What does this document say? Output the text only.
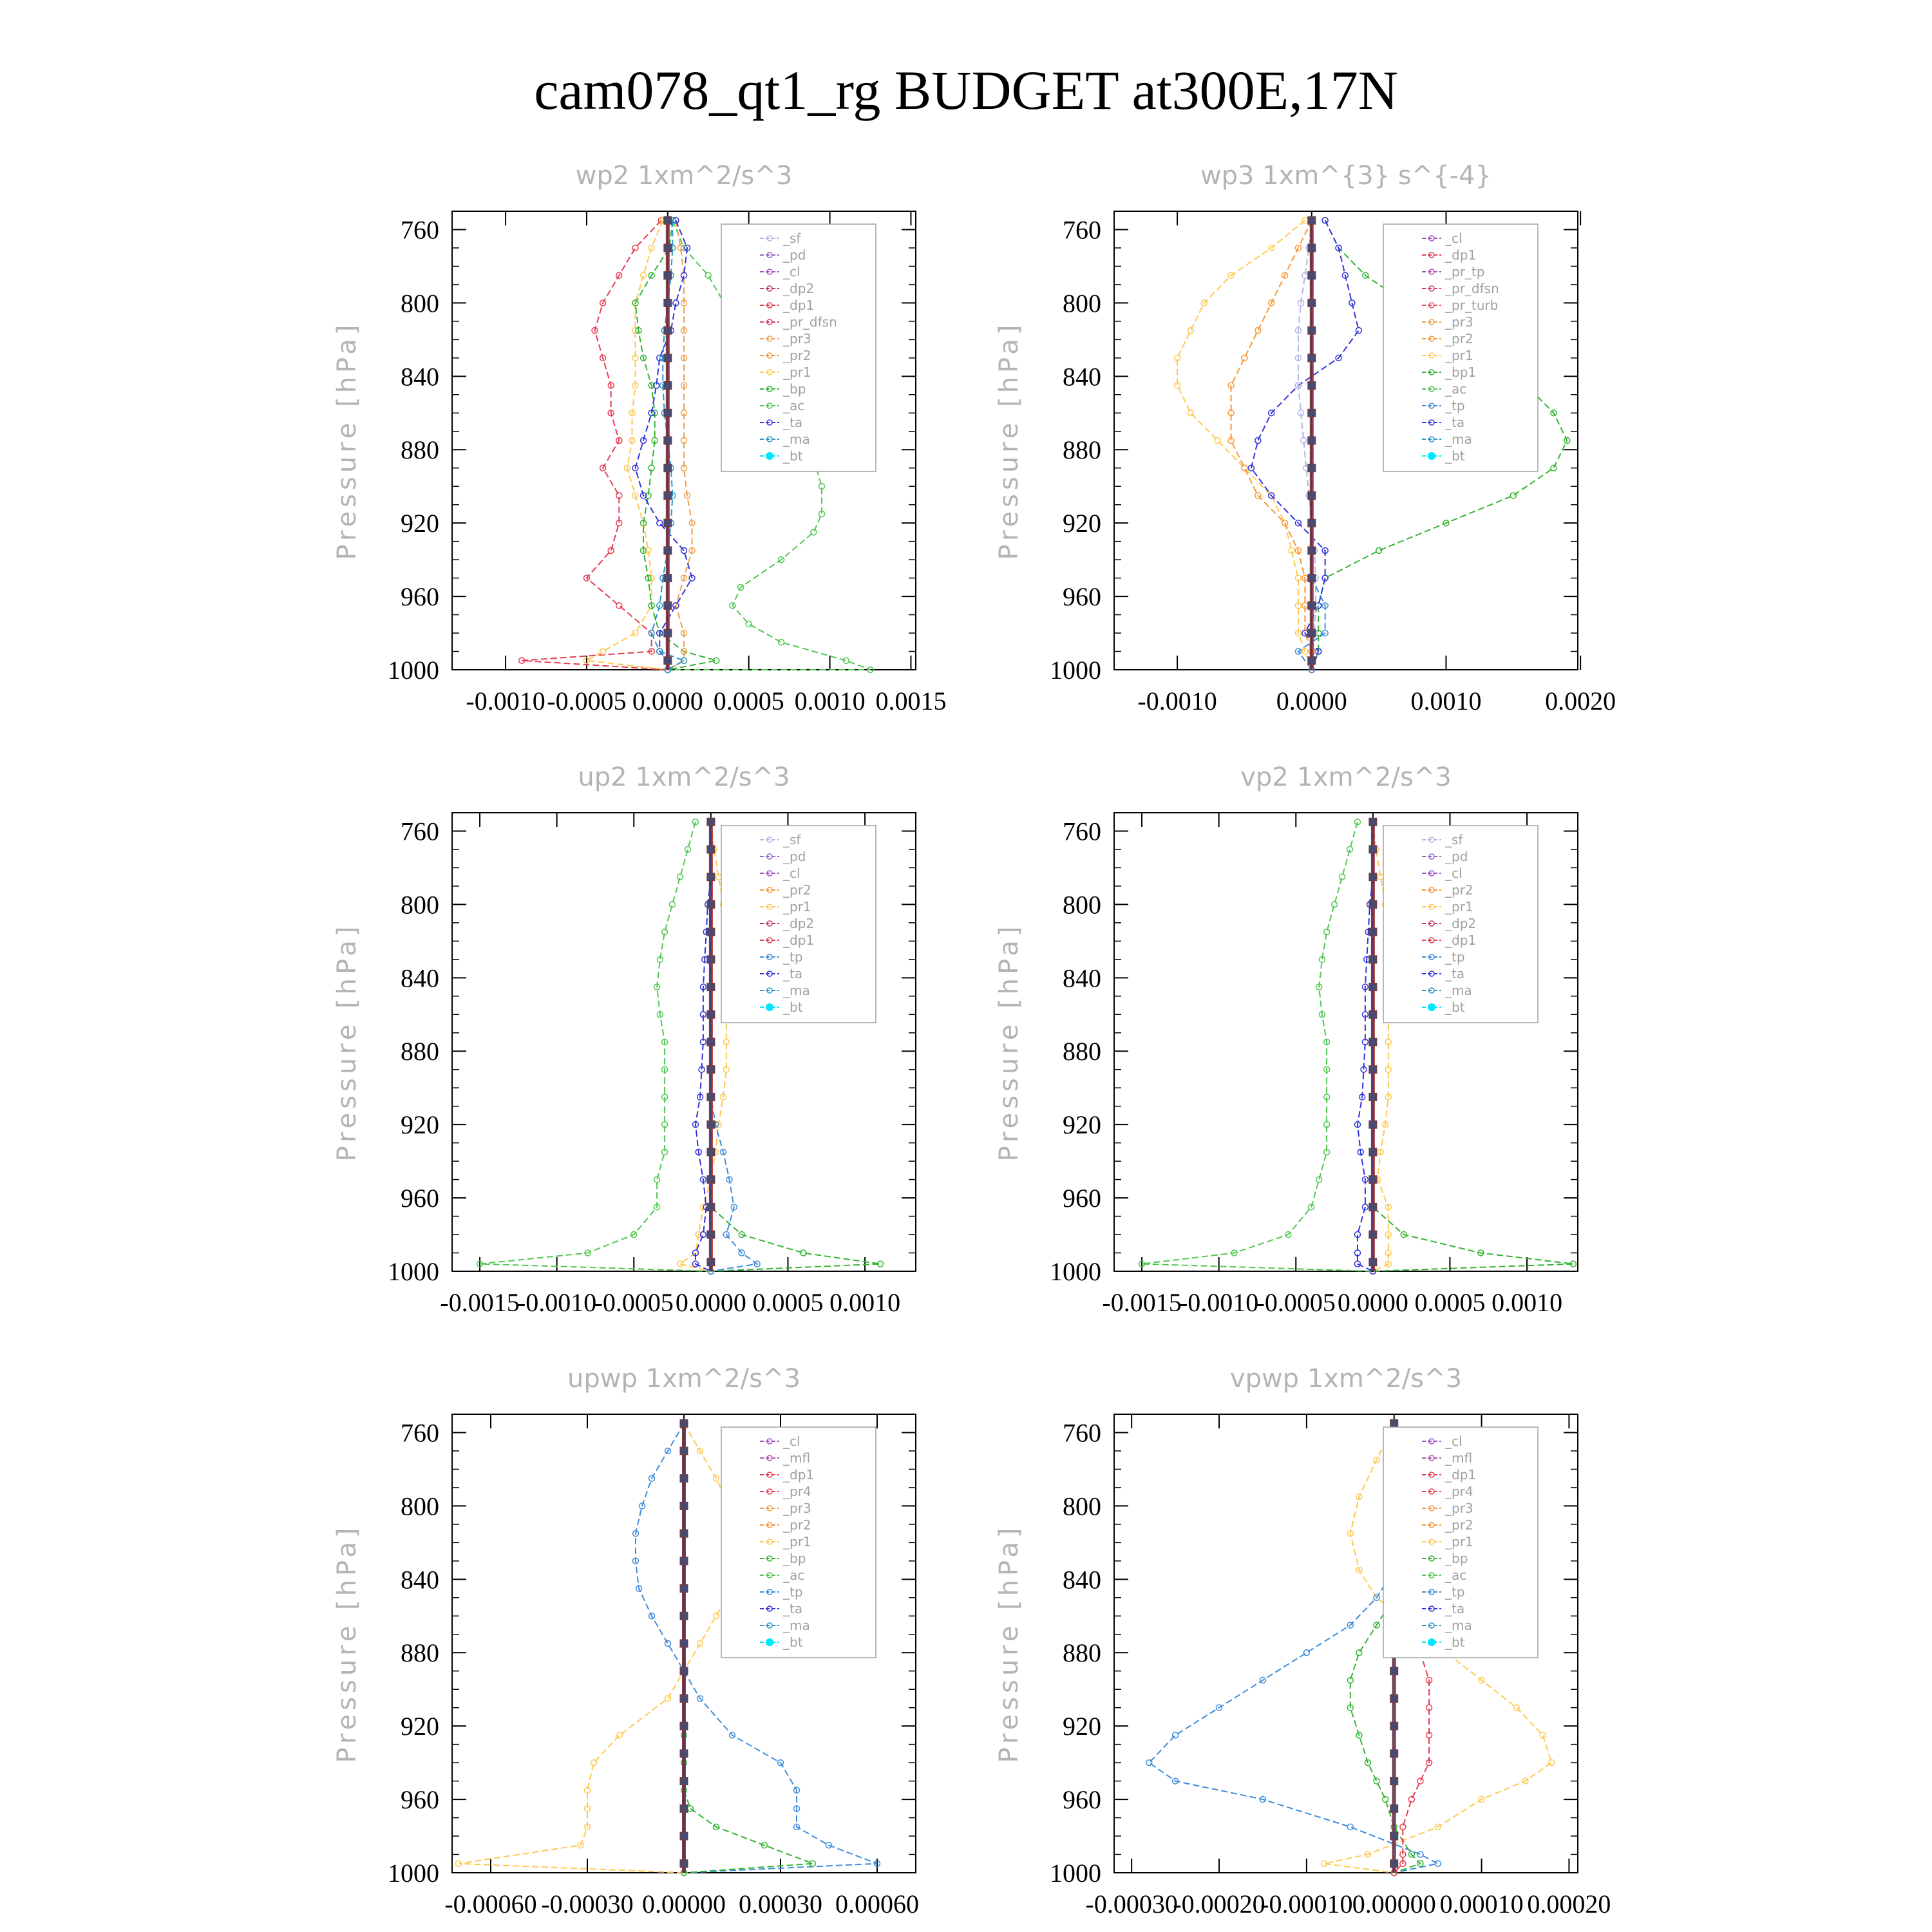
cam078_qt1_rg BUDGET at300E,17N
wp2 1xm^2/s^3
Pressure [hPa]
760
800
840
880
920
960
1000
-0.0010 -0.0005 0.0000 0.0005 0.0010 0.0015
_sf
_pd
_cl
_dp2
_dp1
_pr_dfsn
_pr3
_pr2
_pr1
_bp
_ac
_ta
_ma
_bt
wp3 1xm^{3} s^{-4}
Pressure [hPa]
760
800
840
880
920
960
1000
-0.0010 0.0000 0.0010 0.0020
_cl
_dp1
_pr_tp
_pr_dfsn
_pr_turb
_pr3
_pr2
_pr1
_bp1
_ac
_tp
_ta
_ma
_bt
up2 1xm^2/s^3
Pressure [hPa]
760
800
840
880
920
960
1000
-0.0015
-0.0010
-0.0005 0.0000 0.0005 0.0010
_sf
_pd
_cl
_pr2
_pr1
_dp2
_dp1
_tp
_ta
_ma
_bt
vp2 1xm^2/s^3
Pressure [hPa]
760
800
840
880
920
960
1000
-0.0015
-0.0010
-0.0005 0.0000 0.0005 0.0010
_sf
_pd
_cl
_pr2
_pr1
_dp2
_dp1
_tp
_ta
_ma
_bt
upwp 1xm^2/s^3
Pressure [hPa]
760
800
840
880
920
960
1000
-0.00060 -0.00030 0.00000 0.00030 0.00060
_cl
_mfl
_dp1
_pr4
_pr3
_pr2
_pr1
_bp
_ac
_tp
_ta
_ma
_bt
vpwp 1xm^2/s^3
Pressure [hPa]
760
800
840
880
920
960
1000
-0.00030
-0.00020
-0.00010 0.00000 0.00010 0.00020
_cl
_mfl
_dp1
_pr4
_pr3
_pr2
_pr1
_bp
_ac
_tp
_ta
_ma
_bt
